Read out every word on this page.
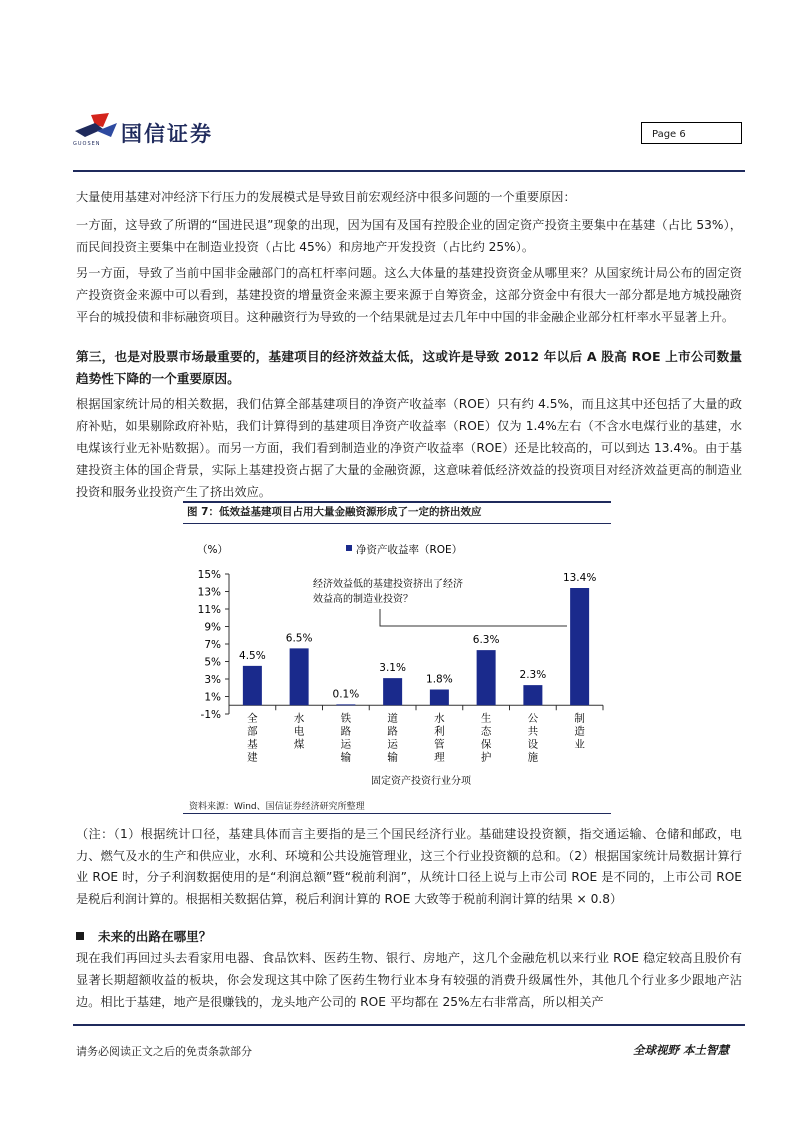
GUOSEN 国信证券	Page 6
大量使用基建对冲经济下行压力的发展模式是导致目前宏观经济中很多问题的一个重要原因：
一方面，这导致了所谓的“国进民退”现象的出现，因为国有及国有控股企业的固定资产投资主要集中在基建（占比 53%），而民间投资主要集中在制造业投资（占比 45%）和房地产开发投资（占比约 25%）。
另一方面，导致了当前中国非金融部门的高杠杆率问题。这么大体量的基建投资资金从哪里来？从国家统计局公布的固定资产投资资金来源中可以看到，基建投资的增量资金来源主要来源于自筹资金，这部分资金中有很大一部分都是地方城投融资平台的城投债和非标融资项目。这种融资行为导致的一个结果就是过去几年中中国的非金融企业部分杠杆率水平显著上升。
第三，也是对股票市场最重要的，基建项目的经济效益太低，这或许是导致 2012 年以后 A 股高 ROE 上市公司数量趋势性下降的一个重要原因。
根据国家统计局的相关数据，我们估算全部基建项目的净资产收益率（ROE）只有约 4.5%，而且这其中还包括了大量的政府补贴，如果剔除政府补贴，我们计算得到的基建项目净资产收益率（ROE）仅为 1.4%左右（不含水电煤行业的基建，水电煤该行业无补贴数据）。而另一方面，我们看到制造业的净资产收益率（ROE）还是比较高的，可以到达 13.4%。由于基建投资主体的国企背景，实际上基建投资占据了大量的金融资源，这意味着低经济效益的投资项目对经济效益更高的制造业投资和服务业投资产生了挤出效应。
图 7：低效益基建项目占用大量金融资源形成了一定的挤出效应
（%）	净资产收益率（ROE）
-1%
1%
3%
5%
7%
9%
11%
13%
15%
4.5%
6.5%
0.1%
3.1%
1.8%
6.3%
2.3%
13.4%
全部基建
水电煤
铁路运输
道路运输
水利管理
生态保护
公共设施
制造业
经济效益低的基建投资挤出了经济
效益高的制造业投资？
固定资产投资行业分项
资料来源：Wind、国信证券经济研究所整理
（注：（1）根据统计口径，基建具体而言主要指的是三个国民经济行业。基础建设投资额，指交通运输、仓储和邮政，电力、燃气及水的生产和供应业，水利、环境和公共设施管理业，这三个行业投资额的总和。（2）根据国家统计局数据计算行业 ROE 时，分子利润数据使用的是“利润总额”暨“税前利润”，从统计口径上说与上市公司 ROE 是不同的，上市公司 ROE 是税后利润计算的。根据相关数据估算，税后利润计算的 ROE 大致等于税前利润计算的结果 × 0.8）
未来的出路在哪里？
现在我们再回过头去看家用电器、食品饮料、医药生物、银行、房地产，这几个金融危机以来行业 ROE 稳定较高且股价有显著长期超额收益的板块，你会发现这其中除了医药生物行业本身有较强的消费升级属性外，其他几个行业多少跟地产沾边。相比于基建，地产是很赚钱的，龙头地产公司的 ROE 平均都在 25%左右非常高，所以相关产
请务必阅读正文之后的免责条款部分	全球视野 本土智慧
